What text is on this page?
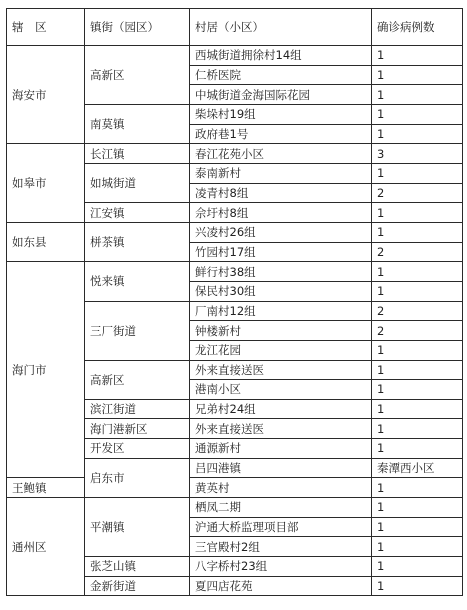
辖 区	镇街（园区）	村居（小区）	确诊病例数	
海安市	高新区	西城街道拥徐村14组	1	
		仁桥医院	1	
		中城街道金海国际花园	1	
	南莫镇	柴垛村19组	1	
		政府巷1号	1	
如皋市	长江镇	春江花苑小区	3	
	如城街道	泰南新村	1	
		凌青村8组	2	
	江安镇	佘圩村8组	1	
如东县	栟茶镇	兴凌村26组	1	
		竹园村17组	2	
海门市	悦来镇	鲜行村38组	1	
		保民村30组	1	
	三厂街道	厂南村12组	2	
		钟楼新村	2	
		龙江花园	1	
	高新区	外来直接送医	1	
		港南小区	1	
	滨江街道	兄弟村24组	1	
	海门港新区	外来直接送医	1	
	开发区	通源新村	1	
	启东市	吕四港镇	秦潭西小区	
王鲍镇		黄英村	1	
通州区	平潮镇	栖凤二期	1	
		沪通大桥监理项目部	1	
		三官殿村2组	1	
	张芝山镇	八字桥村23组	1	
	金新街道	夏四店花苑	1	
